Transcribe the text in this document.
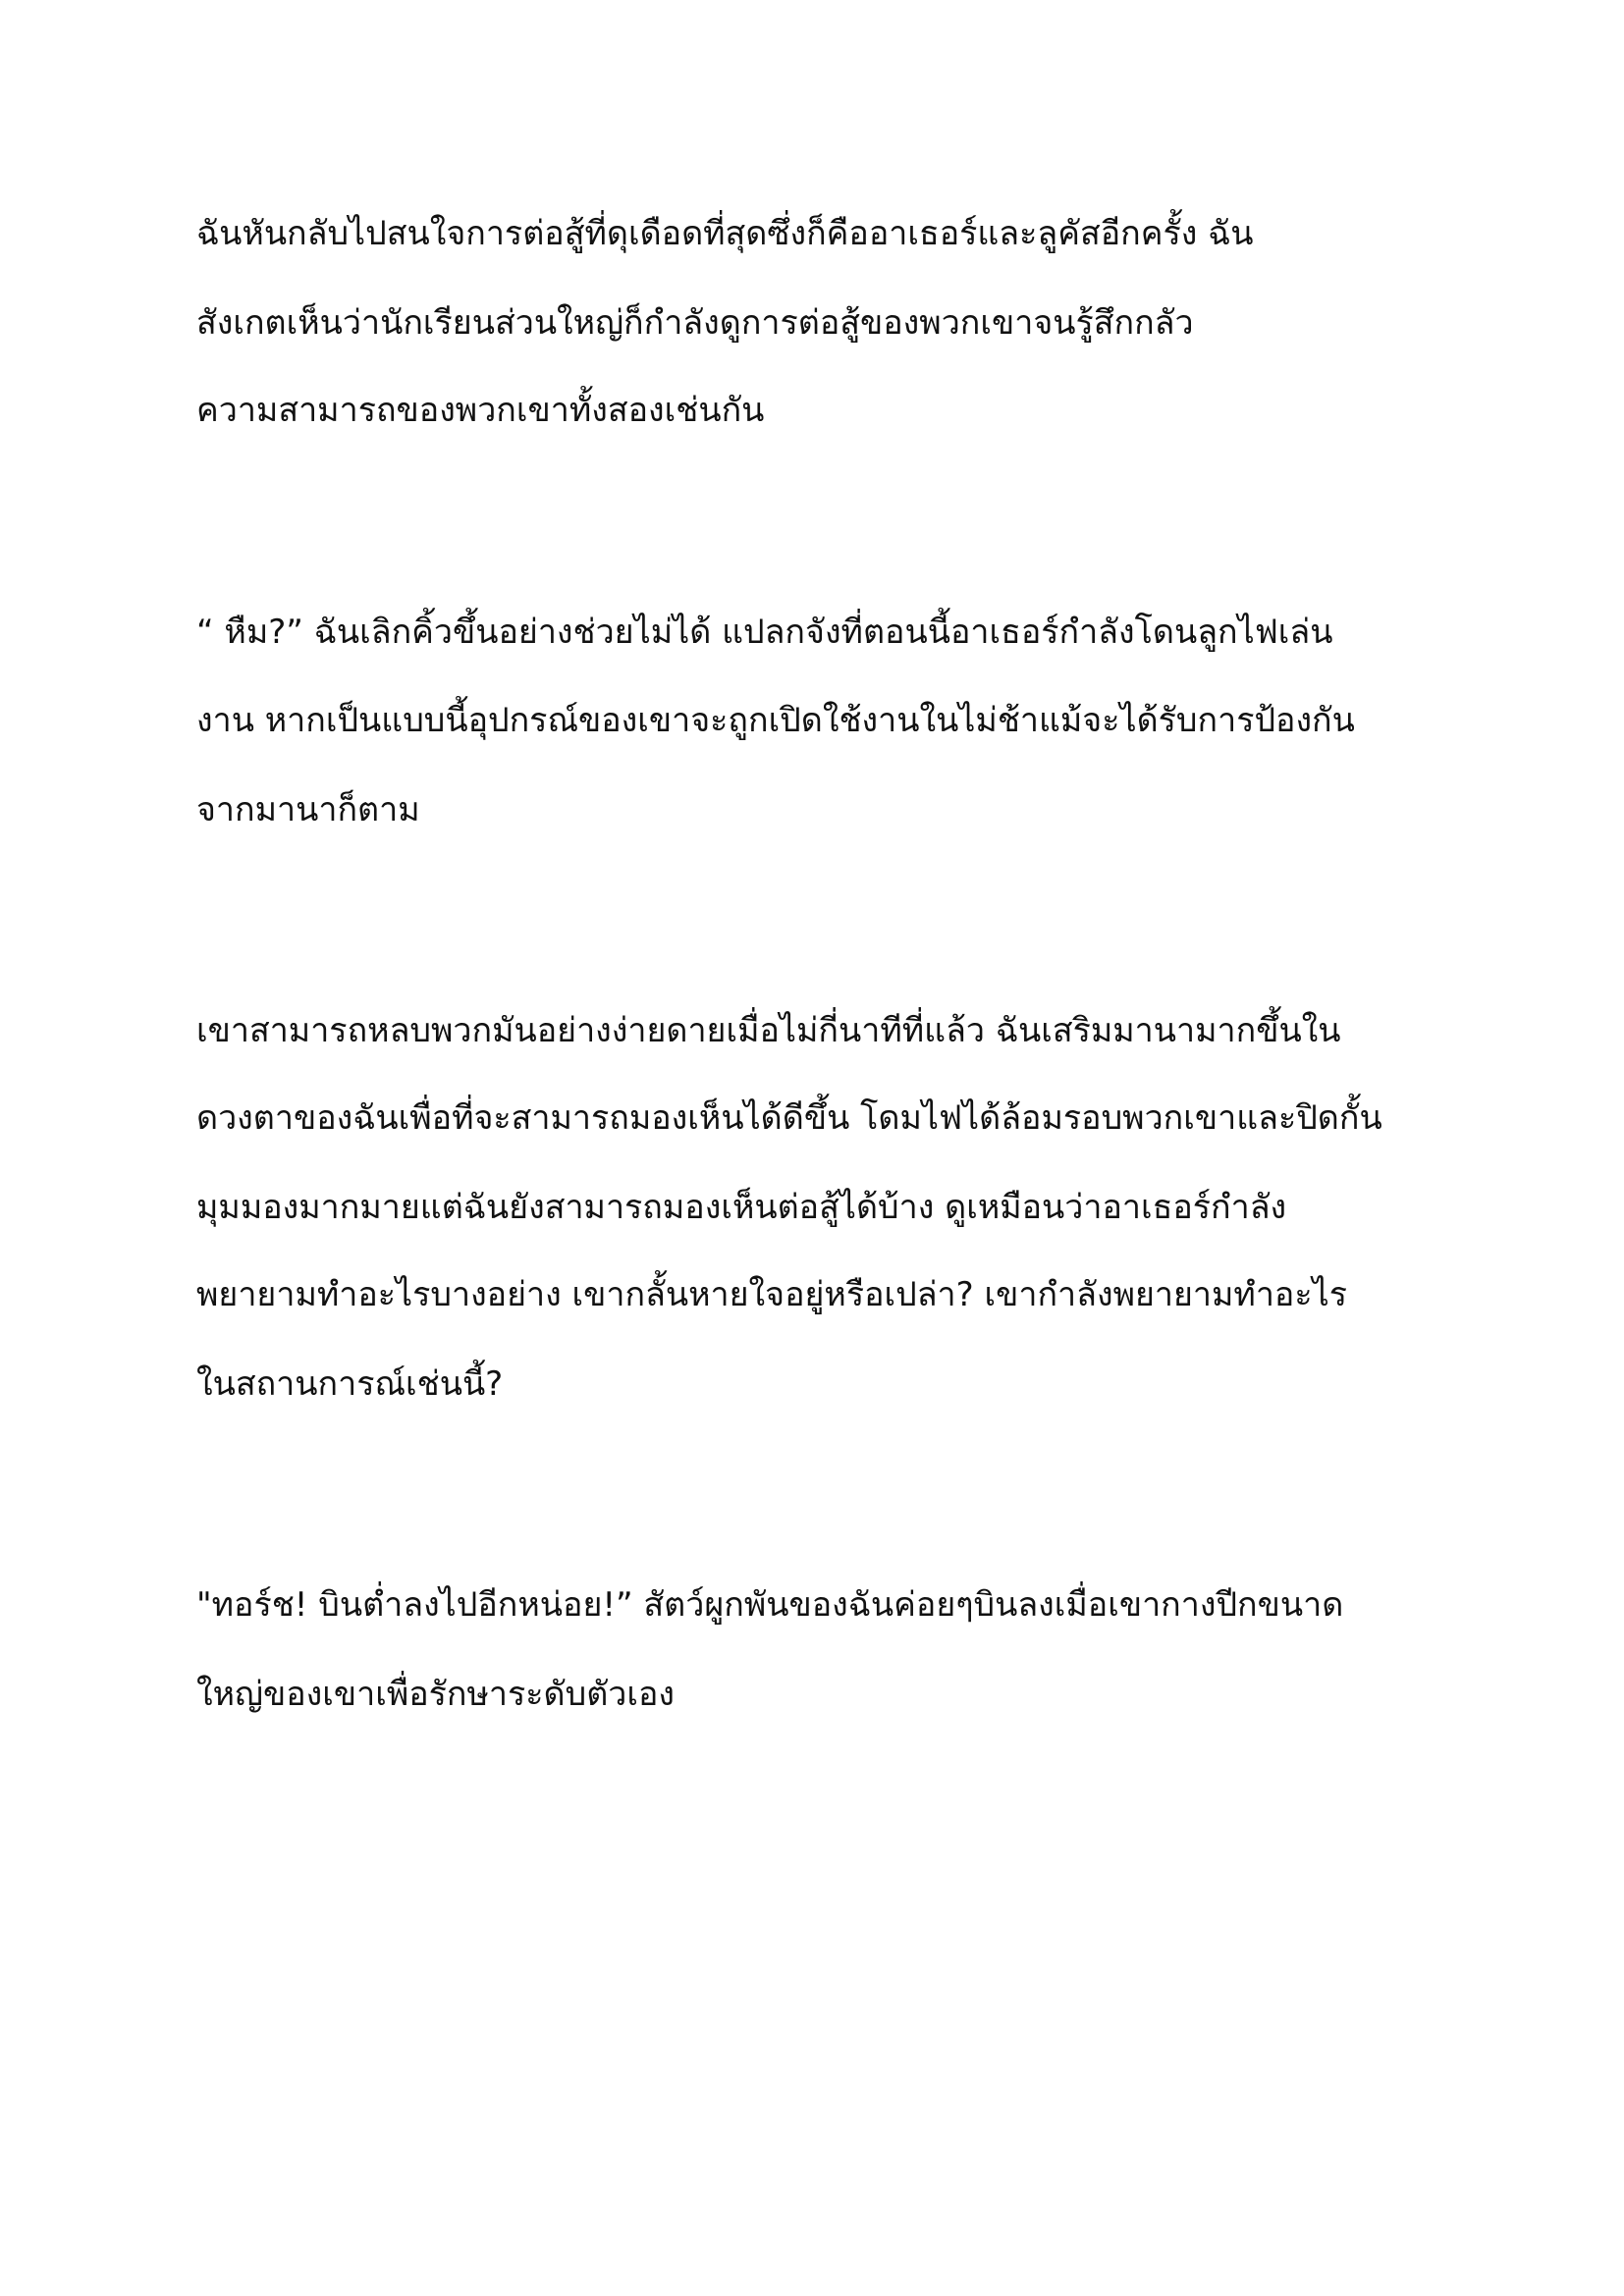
ฉันหันกลับไปสนใจการต่อสู้ที่ดุเดือดที่สุดซึ่งก็คืออาเธอร์และลูคัสอีกครั้ง ฉัน
สังเกตเห็นว่านักเรียนส่วนใหญ่ก็กำลังดูการต่อสู้ของพวกเขาจนรู้สึกกลัว
ความสามารถของพวกเขาทั้งสองเช่นกัน
“ หืม?” ฉันเลิกคิ้วขึ้นอย่างช่วยไม่ได้ แปลกจังที่ตอนนี้อาเธอร์กำลังโดนลูกไฟเล่น
งาน หากเป็นแบบนี้อุปกรณ์ของเขาจะถูกเปิดใช้งานในไม่ช้าแม้จะได้รับการป้องกัน
จากมานาก็ตาม
เขาสามารถหลบพวกมันอย่างง่ายดายเมื่อไม่กี่นาทีที่แล้ว ฉันเสริมมานามากขึ้นใน
ดวงตาของฉันเพื่อที่จะสามารถมองเห็นได้ดีขึ้น โดมไฟได้ล้อมรอบพวกเขาและปิดกั้น
มุมมองมากมายแต่ฉันยังสามารถมองเห็นต่อสู้ได้บ้าง ดูเหมือนว่าอาเธอร์กำลัง
พยายามทำอะไรบางอย่าง เขากลั้นหายใจอยู่หรือเปล่า? เขากำลังพยายามทำอะไร
ในสถานการณ์เช่นนี้?
"ทอร์ช! บินต่ำลงไปอีกหน่อย!” สัตว์ผูกพันของฉันค่อยๆบินลงเมื่อเขากางปีกขนาด
ใหญ่ของเขาเพื่อรักษาระดับตัวเอง
